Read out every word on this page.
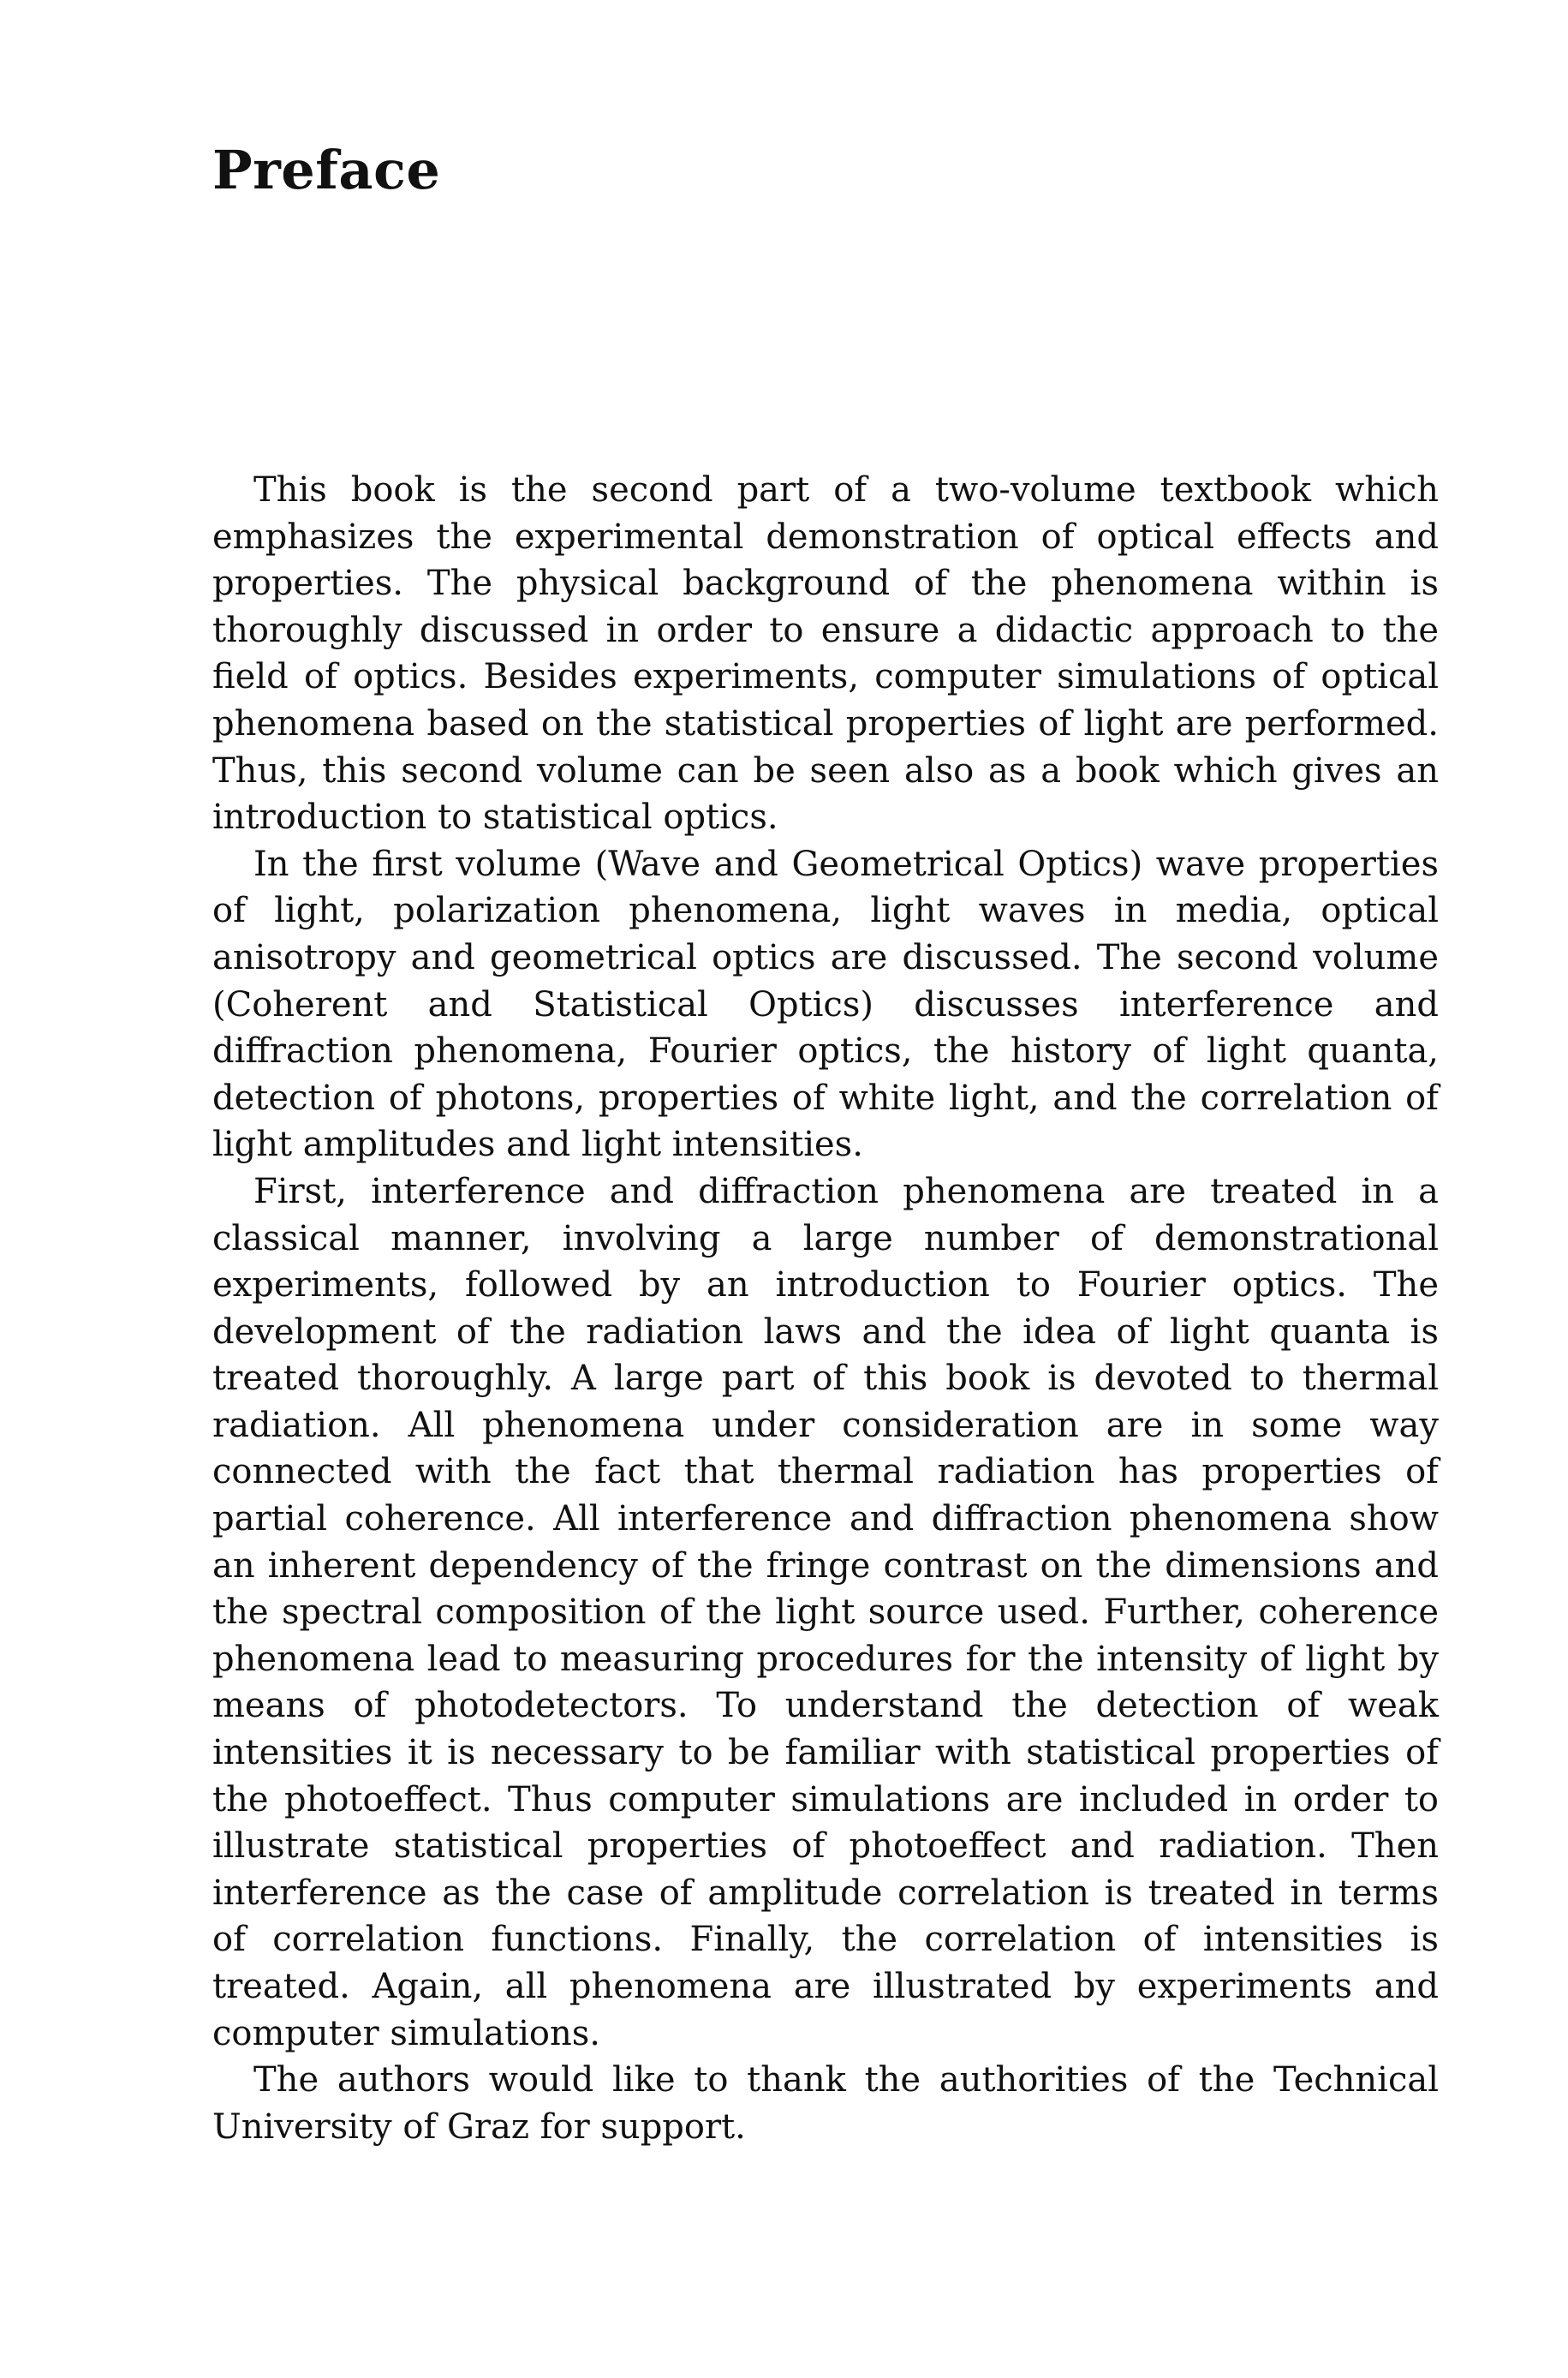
Preface

This book is the second part of a two-volume textbook which emphasizes the experimental demonstration of optical effects and properties. The physical background of the phenomena within is thoroughly discussed in order to ensure a didactic approach to the field of optics. Besides experiments, computer simulations of optical phenomena based on the statistical properties of light are performed. Thus, this second volume can be seen also as a book which gives an introduction to statistical optics.

In the first volume (Wave and Geometrical Optics) wave properties of light, polarization phenomena, light waves in media, optical anisotropy and geometrical optics are discussed. The second volume (Coherent and Statistical Optics) discusses interference and diffraction phenomena, Fourier optics, the history of light quanta, detection of photons, properties of white light, and the correlation of light amplitudes and light intensities.

First, interference and diffraction phenomena are treated in a classical manner, involving a large number of demonstrational experiments, followed by an introduction to Fourier optics. The development of the radiation laws and the idea of light quanta is treated thoroughly. A large part of this book is devoted to thermal radiation. All phenomena under consideration are in some way connected with the fact that thermal radiation has properties of partial coherence. All interference and diffraction phenomena show an inherent dependency of the fringe contrast on the dimensions and the spectral composition of the light source used. Further, coherence phenomena lead to measuring procedures for the intensity of light by means of photodetectors. To understand the detection of weak intensities it is necessary to be familiar with statistical properties of the photoeffect. Thus computer simulations are included in order to illustrate statistical properties of photoeffect and radiation. Then interference as the case of amplitude correlation is treated in terms of correlation functions. Finally, the correlation of intensities is treated. Again, all phenomena are illustrated by experiments and computer simulations.

The authors would like to thank the authorities of the Technical University of Graz for support.
